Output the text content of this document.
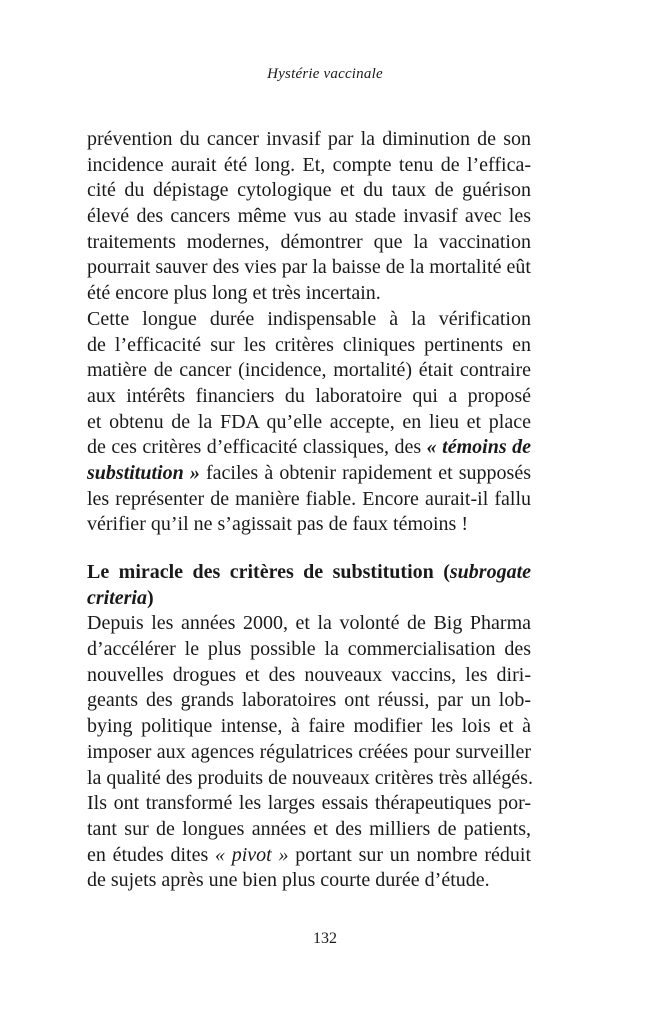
Hystérie vaccinale
prévention du cancer invasif par la diminution de son
incidence aurait été long. Et, compte tenu de l’effica-
cité du dépistage cytologique et du taux de guérison
élevé des cancers même vus au stade invasif avec les
traitements modernes, démontrer que la vaccination
pourrait sauver des vies par la baisse de la mortalité eût
été encore plus long et très incertain.
Cette longue durée indispensable à la vérification
de l’efficacité sur les critères cliniques pertinents en
matière de cancer (incidence, mortalité) était contraire
aux intérêts financiers du laboratoire qui a proposé
et obtenu de la FDA qu’elle accepte, en lieu et place
de ces critères d’efficacité classiques, des « témoins de
substitution » faciles à obtenir rapidement et supposés
les représenter de manière fiable. Encore aurait-il fallu
vérifier qu’il ne s’agissait pas de faux témoins !
Le miracle des critères de substitution (subrogate
criteria)
Depuis les années 2000, et la volonté de Big Pharma
d’accélérer le plus possible la commercialisation des
nouvelles drogues et des nouveaux vaccins, les diri-
geants des grands laboratoires ont réussi, par un lob-
bying politique intense, à faire modifier les lois et à
imposer aux agences régulatrices créées pour surveiller
la qualité des produits de nouveaux critères très allégés.
Ils ont transformé les larges essais thérapeutiques por-
tant sur de longues années et des milliers de patients,
en études dites « pivot » portant sur un nombre réduit
de sujets après une bien plus courte durée d’étude.
132
